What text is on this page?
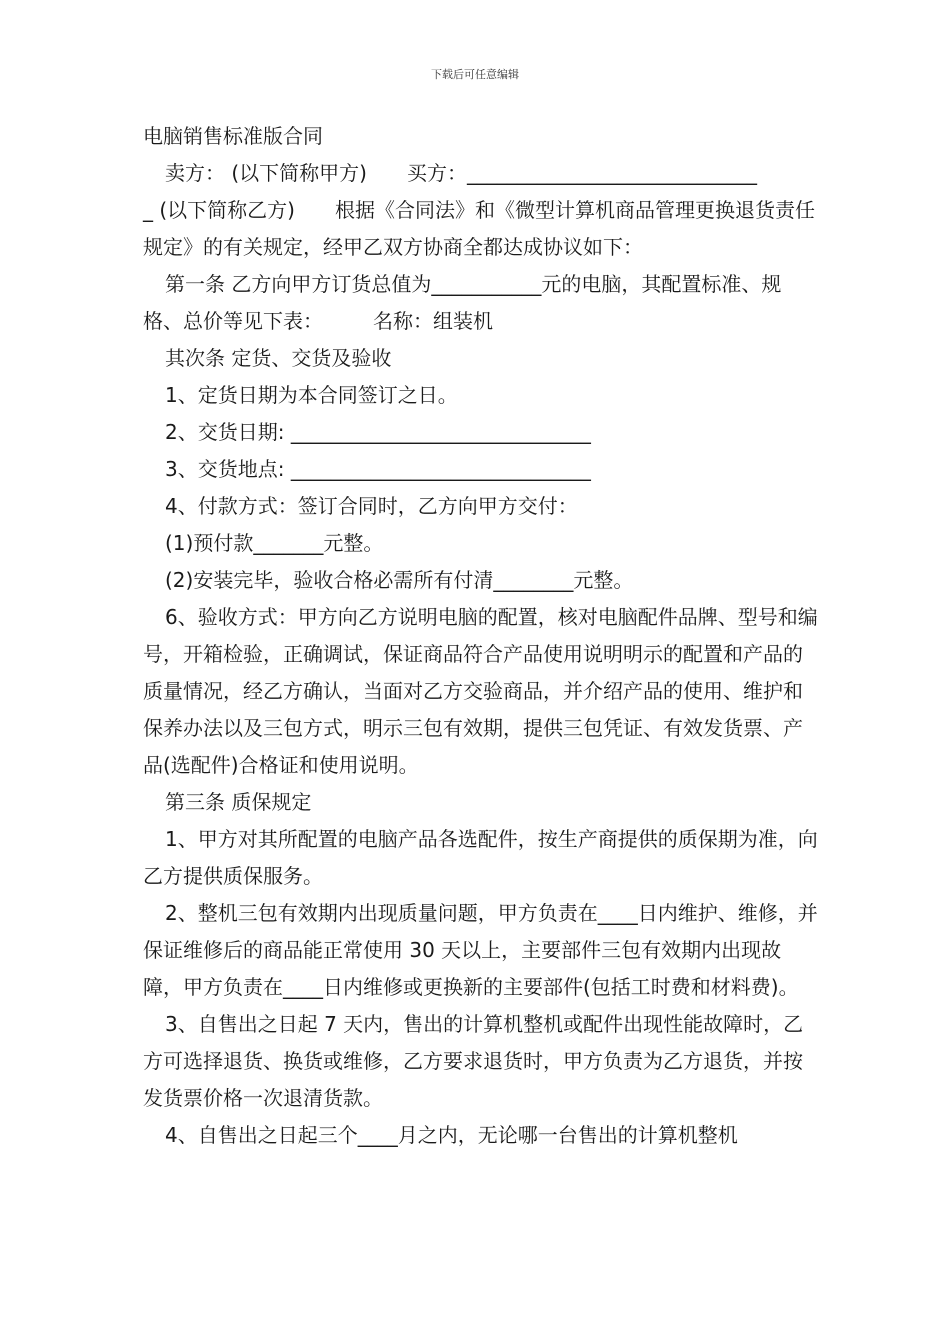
下载后可任意编辑

电脑销售标准版合同

卖方： (以下简称甲方)　　买方：_____________________________

_ (以下简称乙方)　　根据《合同法》和《微型计算机商品管理更换退货责任规定》的有关规定，经甲乙双方协商全都达成协议如下：

第一条 乙方向甲方订货总值为___________元的电脑，其配置标准、规格、总价等见下表：　　　名称：组装机

其次条 定货、交货及验收

1、定货日期为本合同签订之日。

2、交货日期: ______________________________

3、交货地点: ______________________________

4、付款方式：签订合同时，乙方向甲方交付：

(1)预付款_______元整。

(2)安装完毕，验收合格必需所有付清________元整。

6、验收方式：甲方向乙方说明电脑的配置，核对电脑配件品牌、型号和编号，开箱检验，正确调试，保证商品符合产品使用说明明示的配置和产品的质量情况，经乙方确认，当面对乙方交验商品，并介绍产品的使用、维护和保养办法以及三包方式，明示三包有效期，提供三包凭证、有效发货票、产品(选配件)合格证和使用说明。

第三条 质保规定

1、甲方对其所配置的电脑产品各选配件，按生产商提供的质保期为准，向乙方提供质保服务。

2、整机三包有效期内出现质量问题，甲方负责在____日内维护、维修，并保证维修后的商品能正常使用 30 天以上，主要部件三包有效期内出现故障，甲方负责在____日内维修或更换新的主要部件(包括工时费和材料费)。

3、自售出之日起 7 天内，售出的计算机整机或配件出现性能故障时，乙方可选择退货、换货或维修，乙方要求退货时，甲方负责为乙方退货，并按发货票价格一次退清货款。

4、自售出之日起三个____月之内，无论哪一台售出的计算机整机
